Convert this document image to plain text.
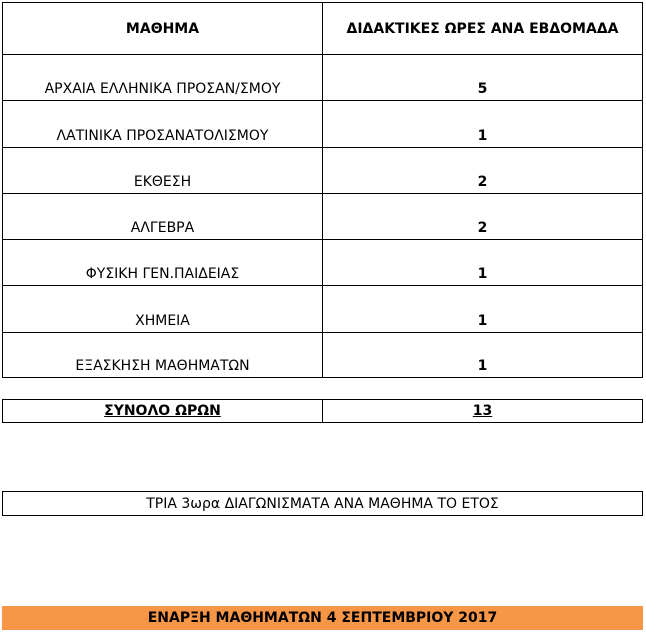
ΜΑΘΗΜΑ	ΔΙΔΑΚΤΙΚΕΣ ΩΡΕΣ ΑΝΑ ΕΒΔΟΜΑΔΑ
ΑΡΧΑΙΑ ΕΛΛΗΝΙΚΑ ΠΡΟΣΑΝ/ΣΜΟΥ	5
ΛΑΤΙΝΙΚΑ ΠΡΟΣΑΝΑΤΟΛΙΣΜΟΥ	1
ΕΚΘΕΣΗ	2
ΑΛΓΕΒΡΑ	2
ΦΥΣΙΚΗ ΓΕΝ.ΠΑΙΔΕΙΑΣ	1
ΧΗΜΕΙΑ	1
ΕΞΑΣΚΗΣΗ ΜΑΘΗΜΑΤΩΝ	1
ΣΥΝΟΛΟ ΩΡΩΝ	13
ΤΡΙΑ 3ωρα ΔΙΑΓΩΝΙΣΜΑΤΑ ΑΝΑ ΜΑΘΗΜΑ ΤΟ ΕΤΟΣ
ΕΝΑΡΞΗ ΜΑΘΗΜΑΤΩΝ 4 ΣΕΠΤΕΜΒΡΙΟΥ 2017
